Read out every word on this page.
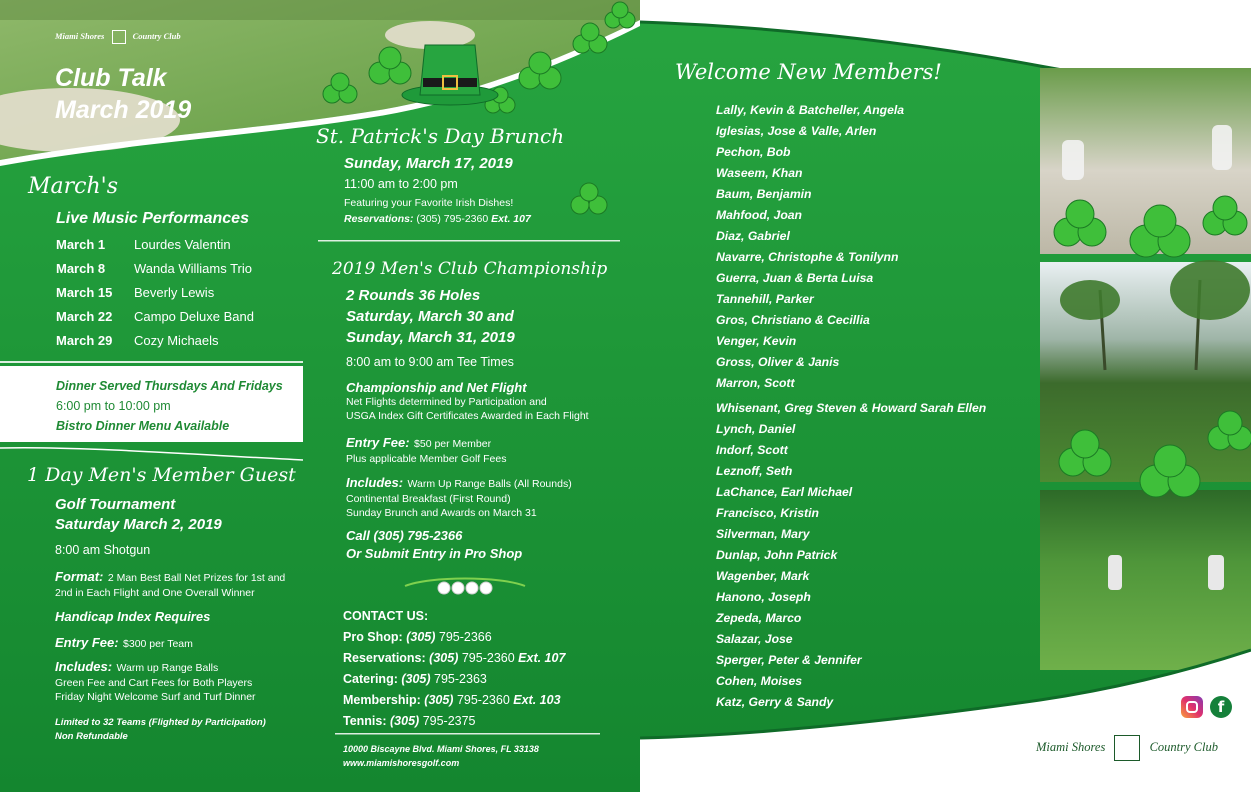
Miami Shores	Country Club
Club Talk
March 2019
March's
Live Music Performances
March 1 Lourdes Valentin
March 8 Wanda Williams Trio
March 15 Beverly Lewis
March 22 Campo Deluxe Band
March 29 Cozy Michaels
Dinner Served Thursdays And Fridays
6:00 pm to 10:00 pm
Bistro Dinner Menu Available
1 Day Men's Member Guest
Golf Tournament
Saturday March 2, 2019
8:00 am Shotgun
Format: 2 Man Best Ball Net Prizes for 1st and
2nd in Each Flight and One Overall Winner
Handicap Index Requires
Entry Fee: $300 per Team
Includes: Warm up Range Balls
Green Fee and Cart Fees for Both Players
Friday Night Welcome Surf and Turf Dinner
Limited to 32 Teams (Flighted by Participation)
Non Refundable
St. Patrick's Day Brunch
Sunday, March 17, 2019
11:00 am to 2:00 pm
Featuring your Favorite Irish Dishes!
Reservations: (305) 795-2360 Ext. 107
2019 Men's Club Championship
2 Rounds 36 Holes
Saturday, March 30 and
Sunday, March 31, 2019
8:00 am to 9:00 am Tee Times
Championship and Net Flight
Net Flights determined by Participation and
USGA Index Gift Certificates Awarded in Each Flight
Entry Fee: $50 per Member
Plus applicable Member Golf Fees
Includes: Warm Up Range Balls (All Rounds)
Continental Breakfast (First Round)
Sunday Brunch and Awards on March 31
Call (305) 795-2366
Or Submit Entry in Pro Shop
CONTACT US:
Pro Shop: (305) 795-2366
Reservations: (305) 795-2360 Ext. 107
Catering: (305) 795-2363
Membership: (305) 795-2360 Ext. 103
Tennis: (305) 795-2375
10000 Biscayne Blvd. Miami Shores, FL 33138
www.miamishoresgolf.com
Welcome New Members!
Lally, Kevin & Batcheller, Angela
Iglesias, Jose & Valle, Arlen
Pechon, Bob
Waseem, Khan
Baum, Benjamin
Mahfood, Joan
Diaz, Gabriel
Navarre, Christophe & Tonilynn
Guerra, Juan & Berta Luisa
Tannehill, Parker
Gros, Christiano & Cecillia
Venger, Kevin
Gross, Oliver & Janis
Marron, Scott
Whisenant, Greg Steven & Howard Sarah Ellen
Lynch, Daniel
Indorf, Scott
Leznoff, Seth
LaChance, Earl Michael
Francisco, Kristin
Silverman, Mary
Dunlap, John Patrick
Wagenber, Mark
Hanono, Joseph
Zepeda, Marco
Salazar, Jose
Sperger, Peter & Jennifer
Cohen, Moises
Katz, Gerry & Sandy	f
Miami Shores	Country Club
